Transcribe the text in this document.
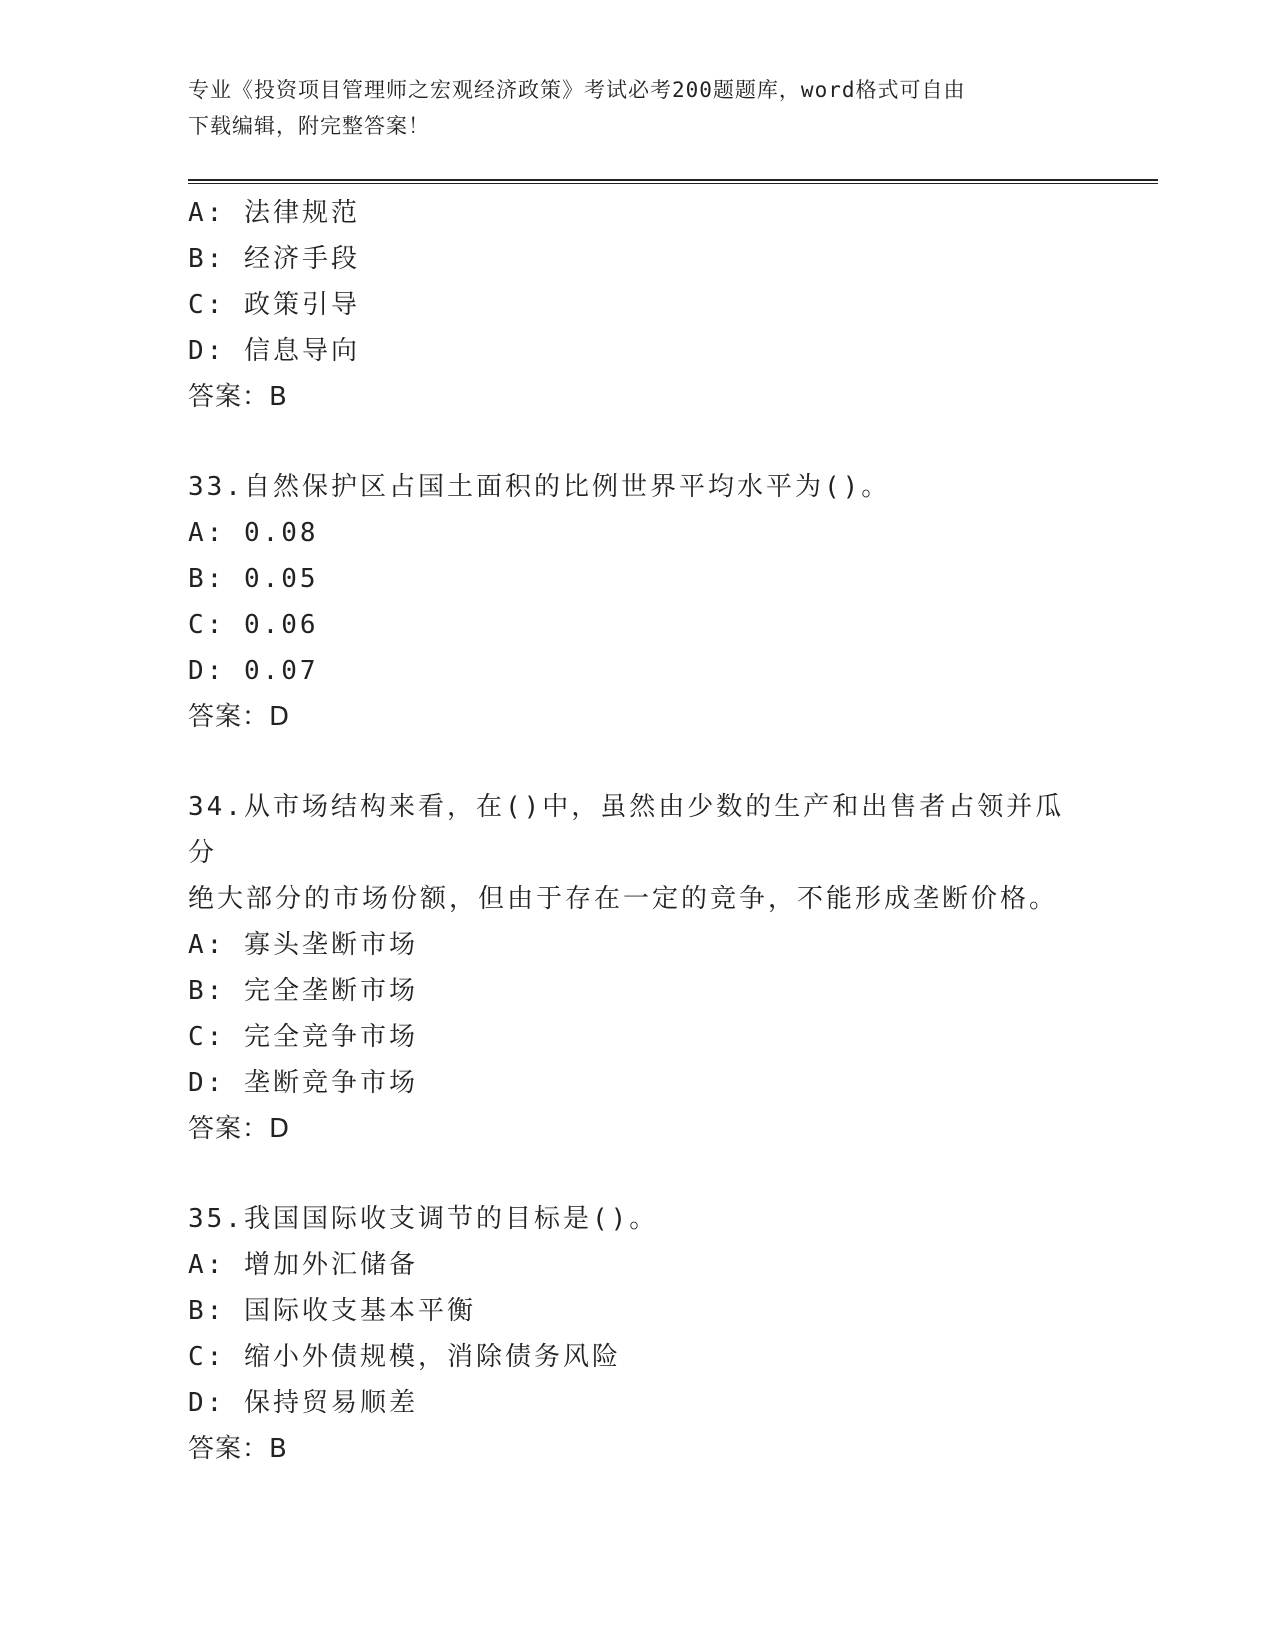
专业《投资项目管理师之宏观经济政策》考试必考200题题库，word格式可自由
下载编辑，附完整答案！
A: 法律规范
B: 经济手段
C: 政策引导
D: 信息导向
答案：B
33.自然保护区占国土面积的比例世界平均水平为()。
A: 0.08
B: 0.05
C: 0.06
D: 0.07
答案：D
34.从市场结构来看，在()中，虽然由少数的生产和出售者占领并瓜分
绝大部分的市场份额，但由于存在一定的竞争，不能形成垄断价格。
A: 寡头垄断市场
B: 完全垄断市场
C: 完全竞争市场
D: 垄断竞争市场
答案：D
35.我国国际收支调节的目标是()。
A: 增加外汇储备
B: 国际收支基本平衡
C: 缩小外债规模，消除债务风险
D: 保持贸易顺差
答案：B
